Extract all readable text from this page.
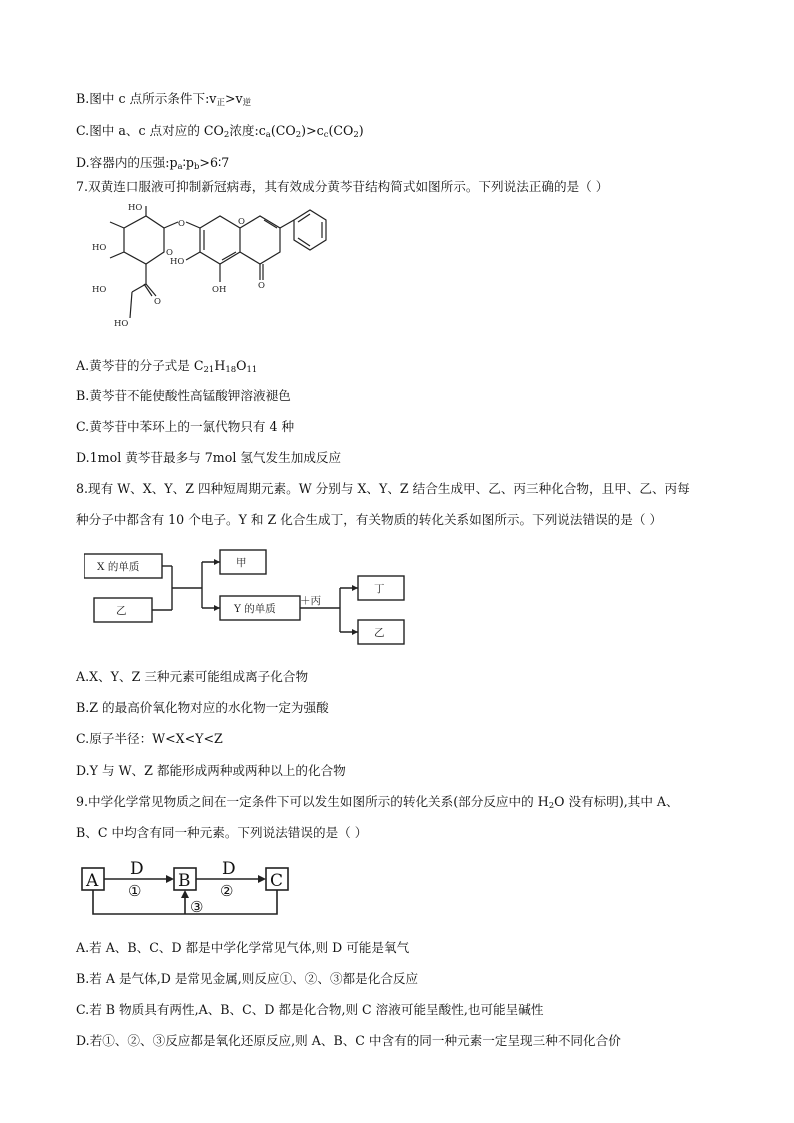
B.图中 c 点所示条件下$:v_正>v_逆$
C.图中 a、c 点对应的 $CO_2$浓度$:c_a(CO_2)>c_c(CO_2)$
D.容器内的压强$:p_a∶p_b>6∶7$
7.双黄连口服液可抑制新冠病毒，其有效成分黄芩苷结构简式如图所示。下列说法正确的是（ ）
HO
HO
HO
O
O	O
O
HO
OH
HO
O
A.黄芩苷的分子式是 $C_{21}H_{18}O_{11}$
B.黄芩苷不能使酸性高锰酸钾溶液褪色
C.黄芩苷中苯环上的一氯代物只有 4 种
D.1mol 黄芩苷最多与 7mol 氢气发生加成反应
8.现有 W、X、Y、Z 四种短周期元素。W 分别与 X、Y、Z 结合生成甲、乙、丙三种化合物，且甲、乙、丙每
种分子中都含有 10 个电子。Y 和 Z 化合生成丁，有关物质的转化关系如图所示。下列说法错误的是（ ）
X 的单质
乙
甲
Y 的单质
＋丙
丁
乙
A.X、Y、Z 三种元素可能组成离子化合物
B.Z 的最高价氧化物对应的水化物一定为强酸
C.原子半径：W<X<Y<Z
D.Y 与 W、Z 都能形成两种或两种以上的化合物
9.中学化学常见物质之间在一定条件下可以发生如图所示的转化关系(部分反应中的 $H_2O$ 没有标明),其中 A、
B、C 中均含有同一种元素。下列说法错误的是（ ）
A	B	C
D	D
①	②
③
A.若 A、B、C、D 都是中学化学常见气体,则 D 可能是氧气
B.若 A 是气体,D 是常见金属,则反应①、②、③都是化合反应
C.若 B 物质具有两性,A、B、C、D 都是化合物,则 C 溶液可能呈酸性,也可能呈碱性
D.若①、②、③反应都是氧化还原反应,则 A、B、C 中含有的同一种元素一定呈现三种不同化合价
